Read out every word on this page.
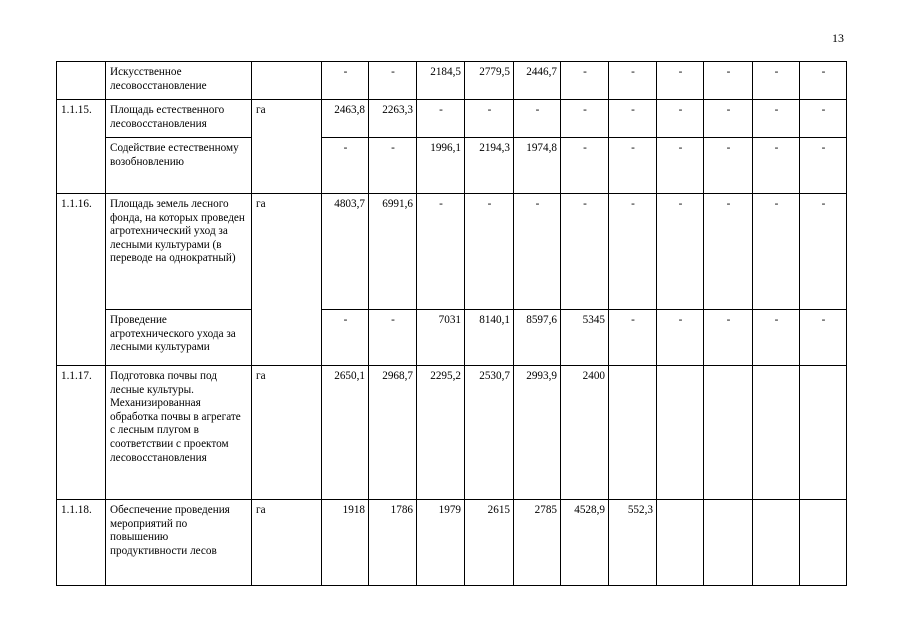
13
	Искусственное лесовосстановление		-	-	2184,5	2779,5	2446,7	-	-	-	-	-	-
1.1.15.	Площадь естественного лесовосстановления	га	2463,8	2263,3	-	-	-	-	-	-	-	-	-
	Содействие естественному возобновлению		-	-	1996,1	2194,3	1974,8	-	-	-	-	-	-
1.1.16.	Площадь земель лесного фонда, на которых проведен агротехнический уход за лесными культурами (в переводе на однократный)	га	4803,7	6991,6	-	-	-	-	-	-	-	-	-
	Проведение агротехнического ухода за лесными культурами		-	-	7031	8140,1	8597,6	5345	-	-	-	-	-
1.1.17.	Подготовка почвы под лесные культуры. Механизированная обработка почвы в агрегате с лесным плугом в соответствии с проектом лесовосстановления	га	2650,1	2968,7	2295,2	2530,7	2993,9	2400					
1.1.18.	Обеспечение проведения мероприятий по повышению продуктивности лесов	га	1918	1786	1979	2615	2785	4528,9	552,3				
